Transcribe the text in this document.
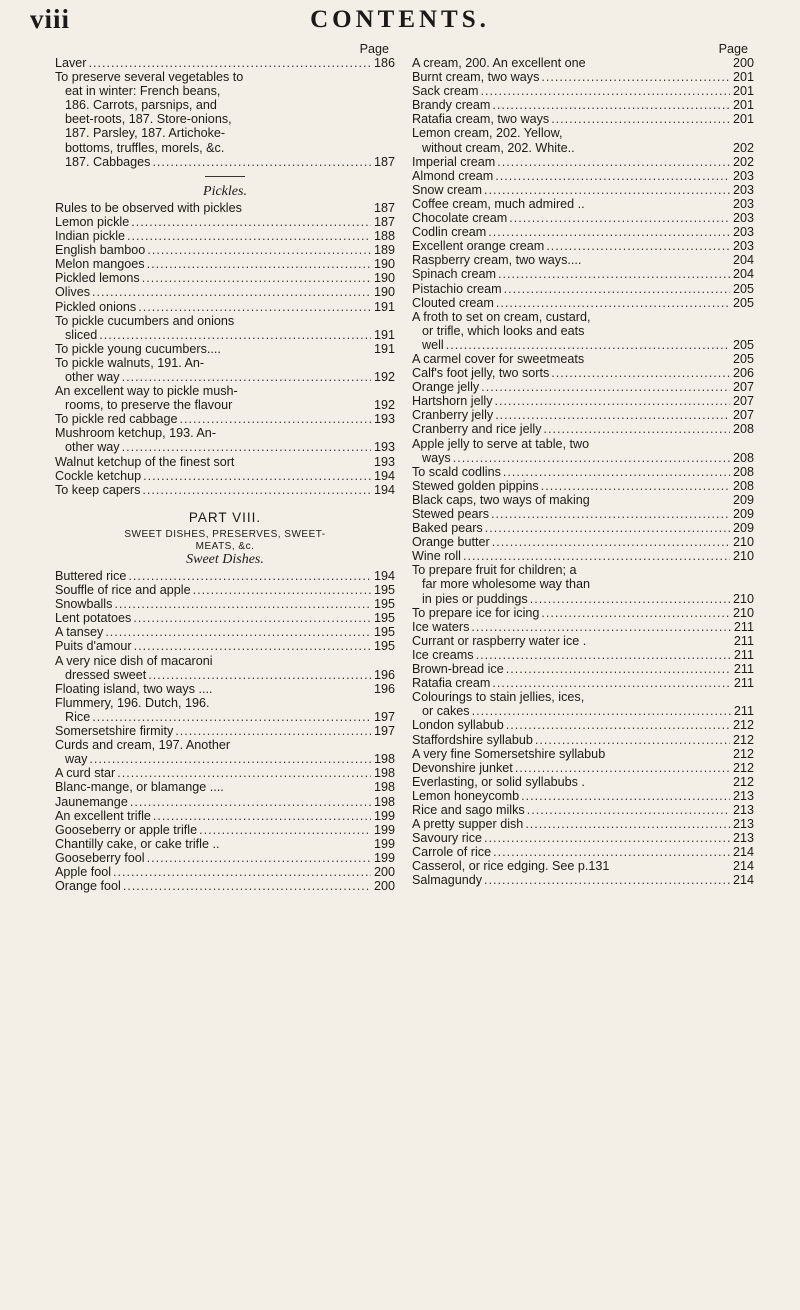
viii	CONTENTS.
Page
Laver .....	186
To preserve several vegetables to
eat in winter: French beans,
186. Carrots, parsnips, and
beet-roots, 187. Store-onions,
187. Parsley, 187. Artichoke-
bottoms, truffles, morels, &c.
187. Cabbages .....	187
Pickles.
Rules to be observed with pickles	187
Lemon pickle .....	187
Indian pickle .....	188
English bamboo .....	189
Melon mangoes .....	190
Pickled lemons .....	190
Olives .....	190
Pickled onions .....	191
To pickle cucumbers and onions
sliced .....	191
To pickle young cucumbers....	191
To pickle walnuts, 191. An-
other way .....	192
An excellent way to pickle mush-
rooms, to preserve the flavour	192
To pickle red cabbage .....	193
Mushroom ketchup, 193. An-
other way .....	193
Walnut ketchup of the finest sort	193
Cockle ketchup .....	194
To keep capers .....	194
PART VIII.
SWEET DISHES, PRESERVES, SWEET-
MEATS, &c.
Sweet Dishes.
Buttered rice .....	194
Souffle of rice and apple .....	195
Snowballs .....	195
Lent potatoes .....	195
A tansey .....	195
Puits d'amour .....	195
A very nice dish of macaroni
dressed sweet .....	196
Floating island, two ways ....	196
Flummery, 196. Dutch, 196.
Rice .....	197
Somersetshire firmity .....	197
Curds and cream, 197. Another
way .....	198
A curd star .....	198
Blanc-mange, or blamange ....	198
Jaunemange .....	198
An excellent trifle .....	199
Gooseberry or apple trifle .....	199
Chantilly cake, or cake trifle ..	199
Gooseberry fool .....	199
Apple fool .....	200
Orange fool .....	200
Page
A cream, 200. An excellent one	200
Burnt cream, two ways .....	201
Sack cream .....	201
Brandy cream .....	201
Ratafia cream, two ways .....	201
Lemon cream, 202. Yellow,
without cream, 202. White..	202
Imperial cream .....	202
Almond cream .....	203
Snow cream .....	203
Coffee cream, much admired ..	203
Chocolate cream .....	203
Codlin cream .....	203
Excellent orange cream .....	203
Raspberry cream, two ways....	204
Spinach cream .....	204
Pistachio cream .....	205
Clouted cream .....	205
A froth to set on cream, custard,
or trifle, which looks and eats
well .....	205
A carmel cover for sweetmeats	205
Calf's foot jelly, two sorts .....	206
Orange jelly .....	207
Hartshorn jelly .....	207
Cranberry jelly .....	207
Cranberry and rice jelly .....	208
Apple jelly to serve at table, two
ways .....	208
To scald codlins .....	208
Stewed golden pippins .....	208
Black caps, two ways of making	209
Stewed pears .....	209
Baked pears .....	209
Orange butter .....	210
Wine roll .....	210
To prepare fruit for children; a
far more wholesome way than
in pies or puddings .....	210
To prepare ice for icing .....	210
Ice waters .....	211
Currant or raspberry water ice .	211
Ice creams .....	211
Brown-bread ice .....	211
Ratafia cream .....	211
Colourings to stain jellies, ices,
or cakes .....	211
London syllabub .....	212
Staffordshire syllabub .....	212
A very fine Somersetshire syllabub	212
Devonshire junket .....	212
Everlasting, or solid syllabubs .	212
Lemon honeycomb .....	213
Rice and sago milks .....	213
A pretty supper dish .....	213
Savoury rice .....	213
Carrole of rice .....	214
Casserol, or rice edging. See p.131	214
Salmagundy .....	214
